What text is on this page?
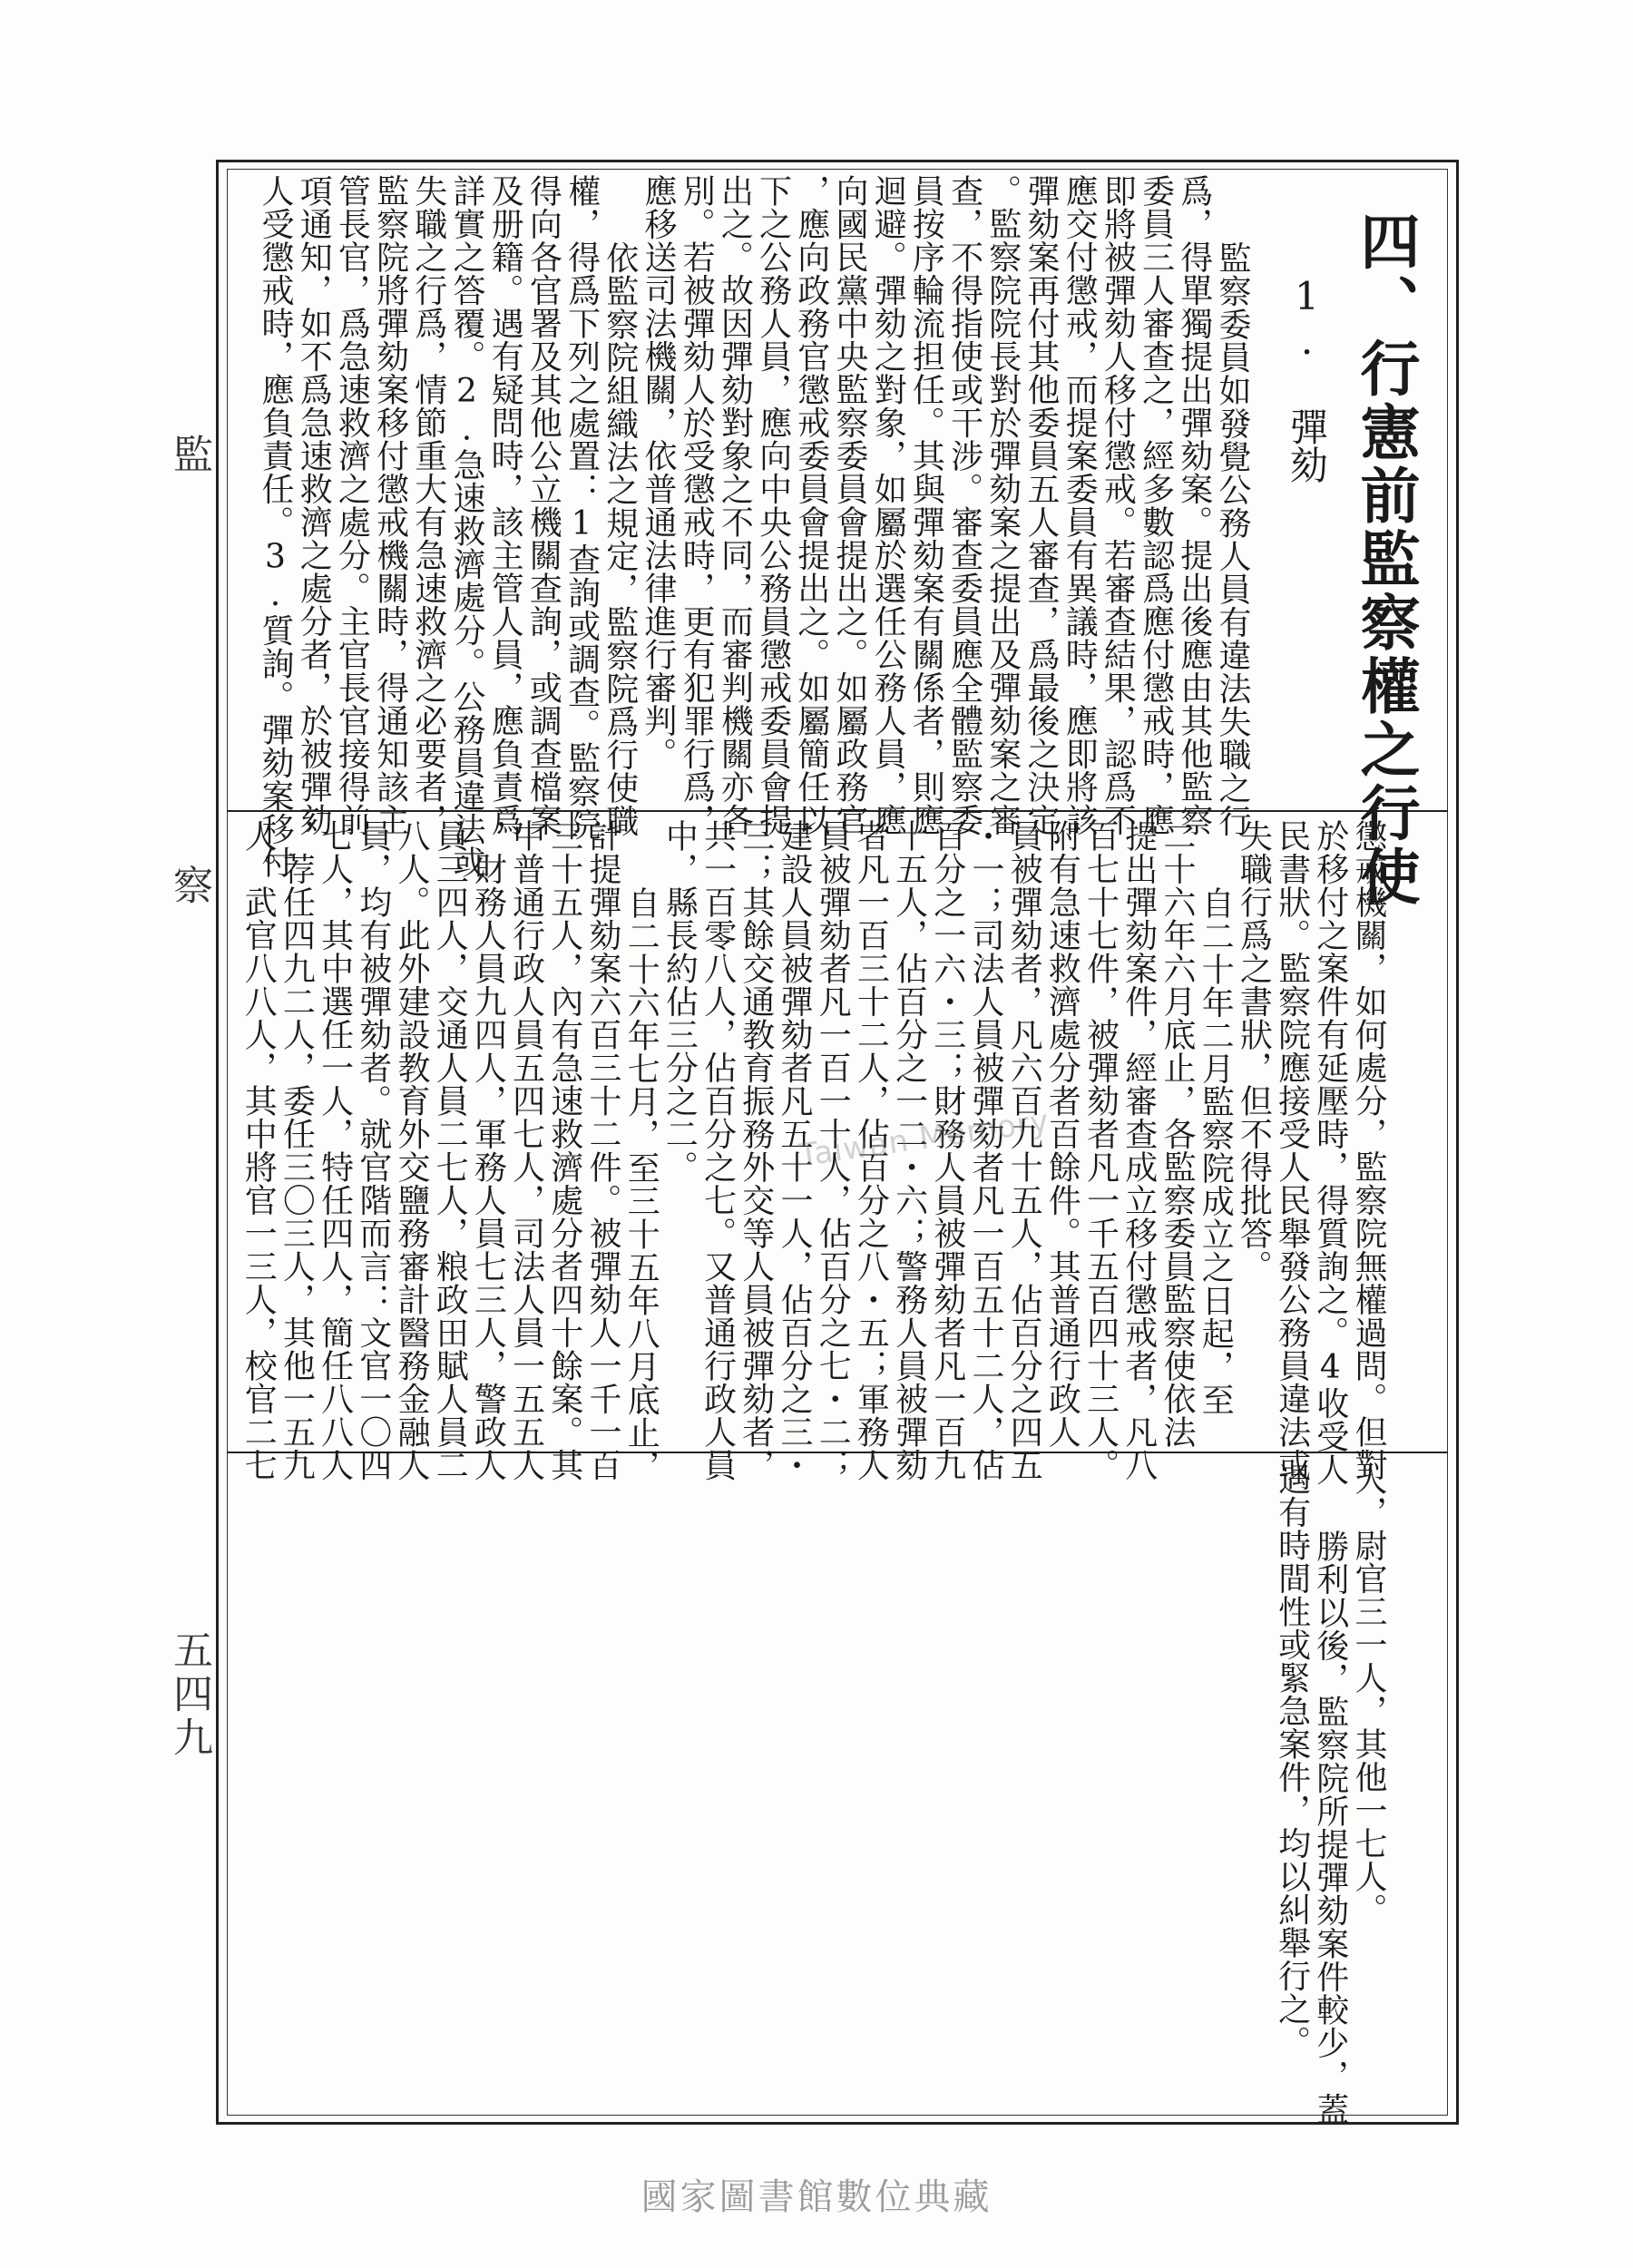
四、行憲前監察權之行使
1. 彈劾
監察委員如發覺公務人員有違法失職之行
爲，得單獨提出彈劾案。提出後應由其他監察
委員三人審查之，經多數認爲應付懲戒時，應
即將被彈劾人移付懲戒。若審查結果，認爲不
應交付懲戒，而提案委員有異議時，應即將該
彈劾案再付其他委員五人審查，爲最後之決定
。監察院院長對於彈劾案之提出及彈劾案之審
查，不得指使或干涉。審查委員應全體監察委
員按序輪流担任。其與彈劾案有關係者，則應
迴避。彈劾之對象，如屬於選任公務人員，應
向國民黨中央監察委員會提出之。如屬政務官
，應向政務官懲戒委員會提出之。如屬簡任以
下之公務人員，應向中央公務員懲戒委員會提
出之。故因彈劾對象之不同，而審判機關亦各
別。若被彈劾人於受懲戒時，更有犯罪行爲，
應移送司法機關，依普通法律進行審判。
依監察院組織法之規定，監察院爲行使職
權，得爲下列之處置：1查詢或調查。監察院
得向各官署及其他公立機關查詢，或調查檔案
及册籍。遇有疑問時，該主管人員，應負責爲
詳實之答覆。2.急速救濟處分。公務員違法或
失職之行爲，情節重大有急速救濟之必要者，
監察院將彈劾案移付懲戒機關時，得通知該主
管長官，爲急速救濟之處分。主官長官接得前
項通知，如不爲急速救濟之處分者，於被彈劾
人受懲戒時，應負責任。3.質詢。彈劾案移付
懲戒機關，如何處分，監察院無權過問。但對
於移付之案件有延壓時，得質詢之。4收受人
民書狀。監察院應接受人民舉發公務員違法或
失職行爲之書狀，但不得批答。
自二十年二月監察院成立之日起，至
二十六年六月底止，各監察委員監察使依法
提出彈劾案件，經審查成立移付懲戒者，凡八
百七十七件，被彈劾者凡一千五百四十三人。
附有急速救濟處分者百餘件。其普通行政人
員被彈劾者，凡六百九十五人，佔百分之四五
・一；司法人員被彈劾者凡一百五十二人，佔
百分之一六・三；財務人員被彈劾者凡一百九
十五人，佔百分之一二・六；警務人員被彈劾
者凡一百三十二人，佔百分之八・五；軍務人
員被彈劾者凡一百一十人，佔百分之七・二；
建設人員被彈劾者凡五十一人，佔百分之三・
三；其餘交通教育振務外交等人員被彈劾者，
共一百零八人，佔百分之七。又普通行政人員
中，縣長約佔三分之二。
自二十六年七月，至三十五年八月底止，
計提彈劾案六百三十二件。被彈劾人一千一百
三十五人，內有急速救濟處分者四十餘案。其
中普通行政人員五四七人，司法人員一五五人
，財務人員九四人，軍務人員七三人，警政人
員三四人，交通人員二七人，粮政田賦人員二
八人。此外建設教育外交鹽務審計醫務金融人
員，均有被彈劾者。就官階而言：文官一〇四
七人，其中選任一人，特任四人，簡任八八人
，荐任四九二人，委任三〇三人，其他一五九
人。武官八八人，其中將官一三人，校官二七
人，尉官三一人，其他一七人。
勝利以後，監察院所提彈劾案件較少，蓋
遇有時間性或緊急案件，均以糾舉行之。
監 察
五四九
Taiwan Memory
國家圖書館數位典藏
